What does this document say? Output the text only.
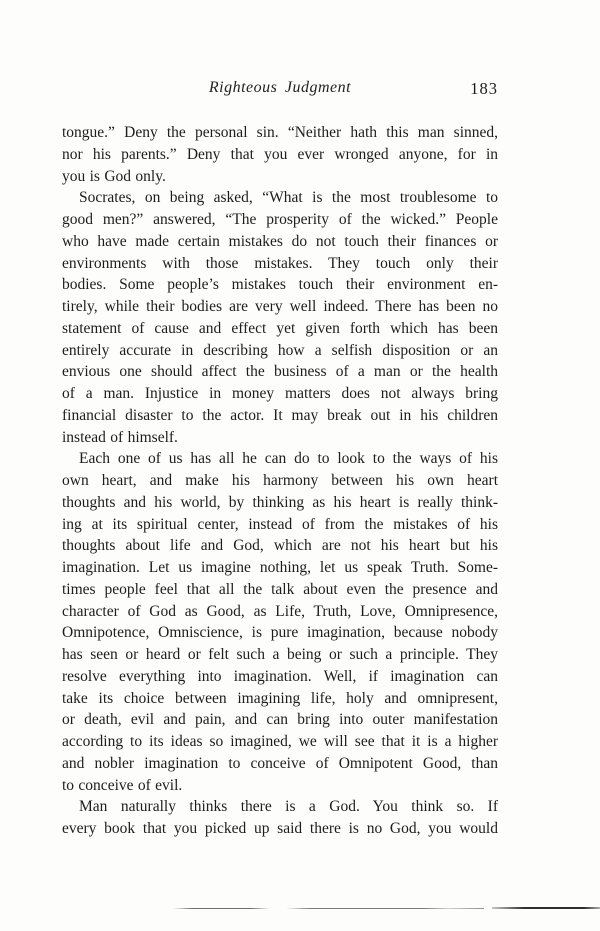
Righteous Judgment	183
tongue.” Deny the personal sin. “Neither hath this man sinned,
nor his parents.” Deny that you ever wronged anyone, for in
you is God only.
Socrates, on being asked, “What is the most troublesome to
good men?” answered, “The prosperity of the wicked.” People
who have made certain mistakes do not touch their finances or
environments with those mistakes. They touch only their
bodies. Some people’s mistakes touch their environment en-
tirely, while their bodies are very well indeed. There has been no
statement of cause and effect yet given forth which has been
entirely accurate in describing how a selfish disposition or an
envious one should affect the business of a man or the health
of a man. Injustice in money matters does not always bring
financial disaster to the actor. It may break out in his children
instead of himself.
Each one of us has all he can do to look to the ways of his
own heart, and make his harmony between his own heart
thoughts and his world, by thinking as his heart is really think-
ing at its spiritual center, instead of from the mistakes of his
thoughts about life and God, which are not his heart but his
imagination. Let us imagine nothing, let us speak Truth. Some-
times people feel that all the talk about even the presence and
character of God as Good, as Life, Truth, Love, Omnipresence,
Omnipotence, Omniscience, is pure imagination, because nobody
has seen or heard or felt such a being or such a principle. They
resolve everything into imagination. Well, if imagination can
take its choice between imagining life, holy and omnipresent,
or death, evil and pain, and can bring into outer manifestation
according to its ideas so imagined, we will see that it is a higher
and nobler imagination to conceive of Omnipotent Good, than
to conceive of evil.
Man naturally thinks there is a God. You think so. If
every book that you picked up said there is no God, you would
